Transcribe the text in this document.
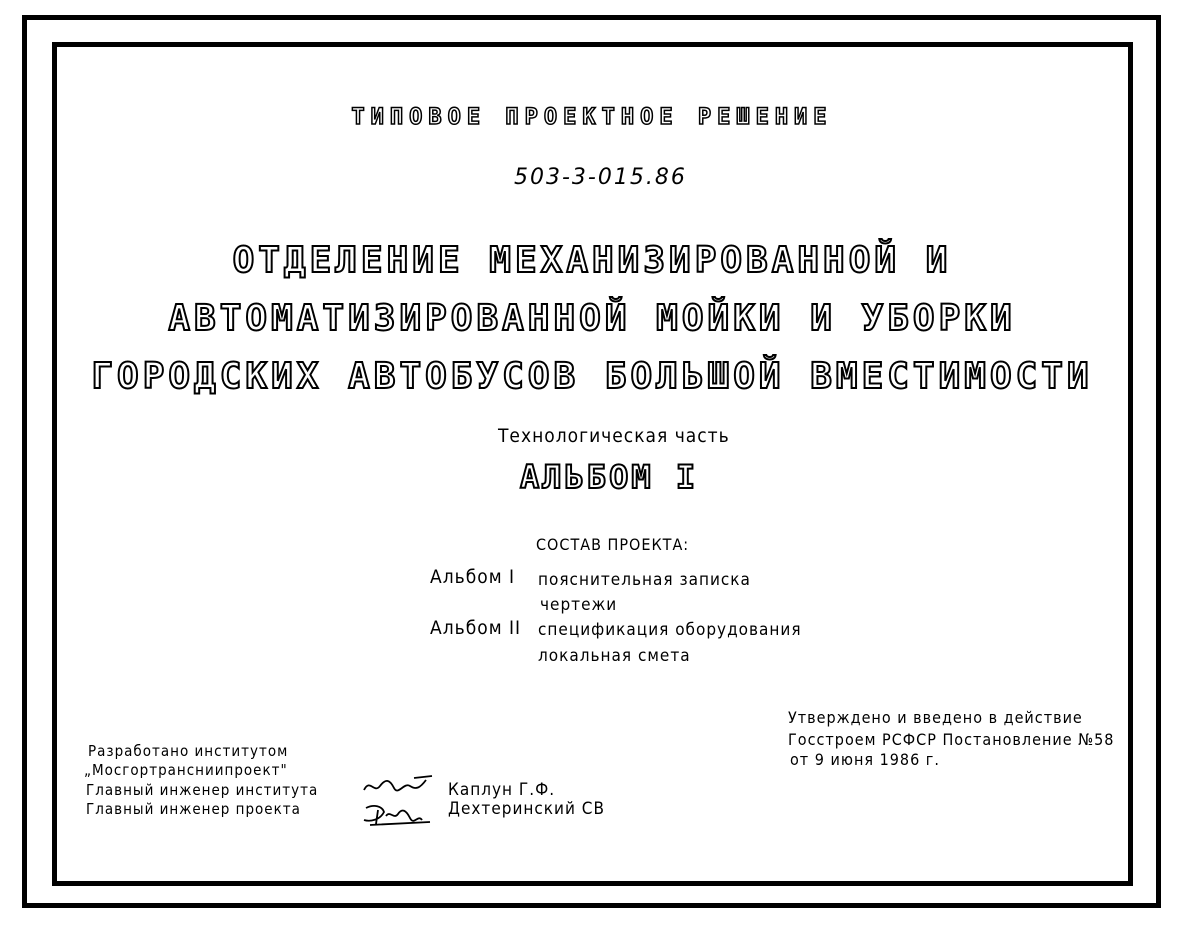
ТИПОВОЕ ПРОЕКТНОЕ РЕШЕНИЕ
503-3-015.86
ОТДЕЛЕНИЕ МЕХАНИЗИРОВАННОЙ И
АВТОМАТИЗИРОВАННОЙ МОЙКИ И УБОРКИ
ГОРОДСКИХ АВТОБУСОВ БОЛЬШОЙ ВМЕСТИМОСТИ
Технологическая часть
АЛЬБОМ I
СОСТАВ ПРОЕКТА:
Альбом I пояснительная записка
чертежи
Альбом II спецификация оборудования
локальная смета
Утверждено и введено в действие
Госстроем РСФСР Постановление №58
от 9 июня 1986 г.
Разработано институтом
„Мосгортрансниипроект"
Главный инженер института
Главный инженер проекта
Каплун Г.Ф.
Дехтеринский СВ
